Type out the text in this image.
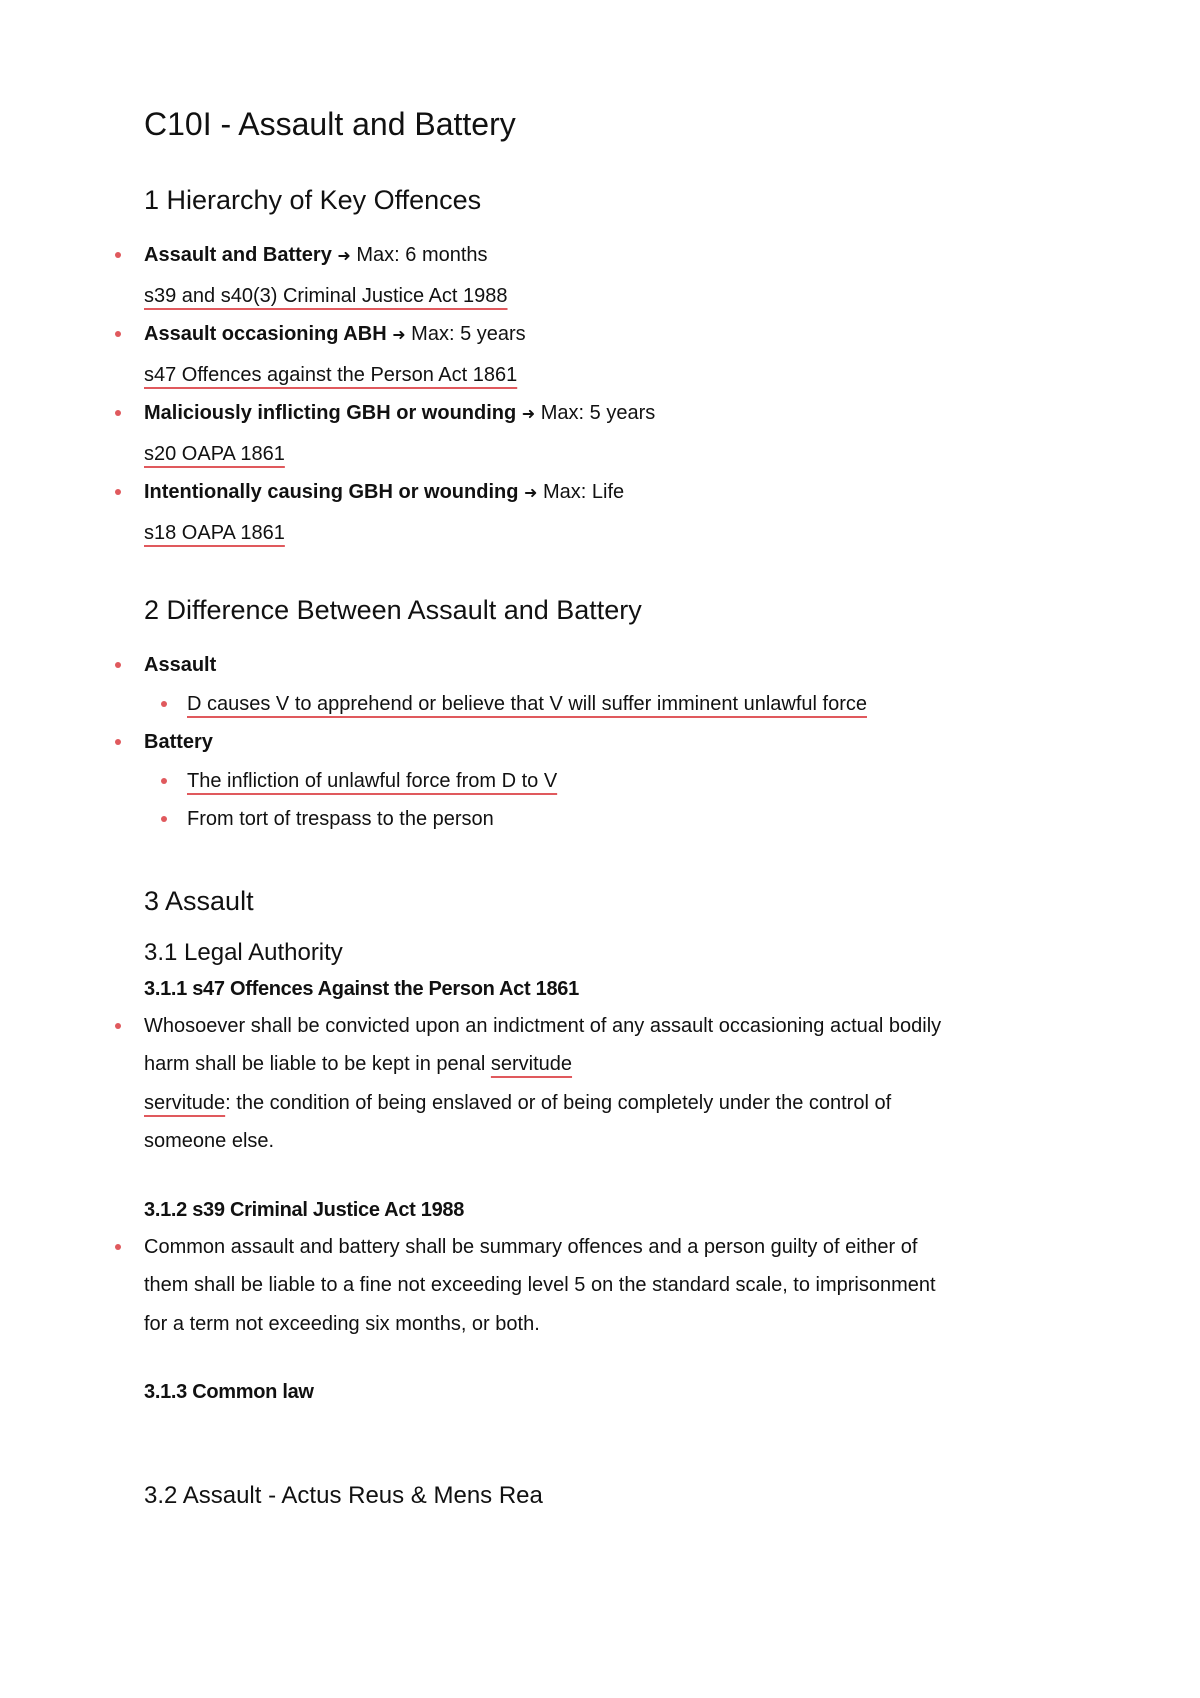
C10I - Assault and Battery
1 Hierarchy of Key Offences
Assault and Battery ➜ Max: 6 months
s39 and s40(3) Criminal Justice Act 1988
Assault occasioning ABH ➜ Max: 5 years
s47 Offences against the Person Act 1861
Maliciously inflicting GBH or wounding ➜ Max: 5 years
s20 OAPA 1861
Intentionally causing GBH or wounding ➜ Max: Life
s18 OAPA 1861
2 Difference Between Assault and Battery
Assault
D causes V to apprehend or believe that V will suffer imminent unlawful force
Battery
The infliction of unlawful force from D to V
From tort of trespass to the person
3 Assault
3.1 Legal Authority
3.1.1 s47 Offences Against the Person Act 1861
Whosoever shall be convicted upon an indictment of any assault occasioning actual bodily
harm shall be liable to be kept in penal servitude
servitude: the condition of being enslaved or of being completely under the control of
someone else.
3.1.2 s39 Criminal Justice Act 1988
Common assault and battery shall be summary offences and a person guilty of either of
them shall be liable to a fine not exceeding level 5 on the standard scale, to imprisonment
for a term not exceeding six months, or both.
3.1.3 Common law
3.2 Assault - Actus Reus & Mens Rea
